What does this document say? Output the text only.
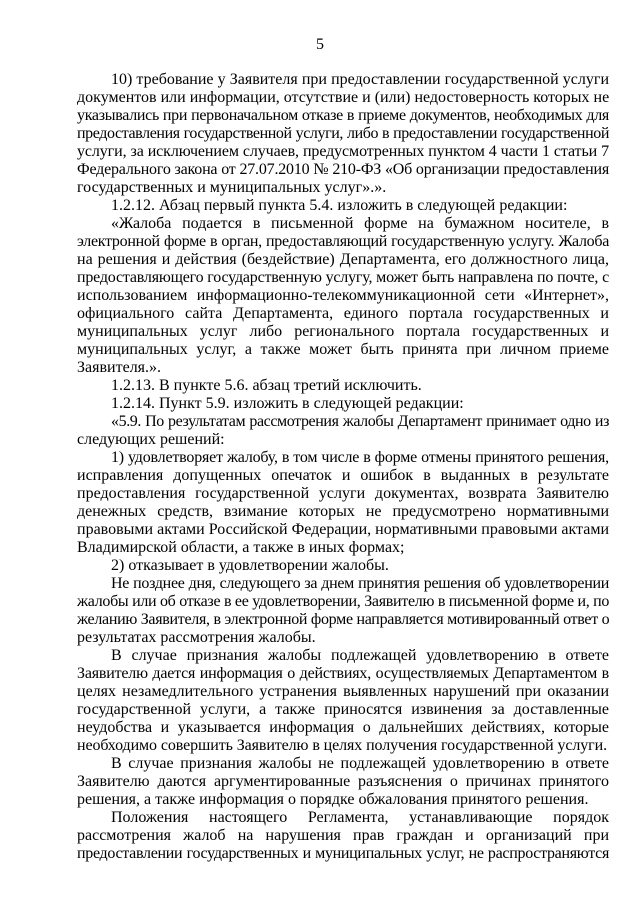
5
10) требование у Заявителя при предоставлении государственной услуги
документов или информации, отсутствие и (или) недостоверность которых не
указывались при первоначальном отказе в приеме документов, необходимых для
предоставления государственной услуги, либо в предоставлении государственной
услуги, за исключением случаев, предусмотренных пунктом 4 части 1 статьи 7
Федерального закона от 27.07.2010 № 210-ФЗ «Об организации предоставления
государственных и муниципальных услуг».».
1.2.12. Абзац первый пункта 5.4. изложить в следующей редакции:
«Жалоба подается в письменной форме на бумажном носителе, в
электронной форме в орган, предоставляющий государственную услугу. Жалоба
на решения и действия (бездействие) Департамента, его должностного лица,
предоставляющего государственную услугу, может быть направлена по почте, с
использованием информационно-телекоммуникационной сети «Интернет»,
официального сайта Департамента, единого портала государственных и
муниципальных услуг либо регионального портала государственных и
муниципальных услуг, а также может быть принята при личном приеме
Заявителя.».
1.2.13. В пункте 5.6. абзац третий исключить.
1.2.14. Пункт 5.9. изложить в следующей редакции:
«5.9. По результатам рассмотрения жалобы Департамент принимает одно из
следующих решений:
1) удовлетворяет жалобу, в том числе в форме отмены принятого решения,
исправления допущенных опечаток и ошибок в выданных в результате
предоставления государственной услуги документах, возврата Заявителю
денежных средств, взимание которых не предусмотрено нормативными
правовыми актами Российской Федерации, нормативными правовыми актами
Владимирской области, а также в иных формах;
2) отказывает в удовлетворении жалобы.
Не позднее дня, следующего за днем принятия решения об удовлетворении
жалобы или об отказе в ее удовлетворении, Заявителю в письменной форме и, по
желанию Заявителя, в электронной форме направляется мотивированный ответ о
результатах рассмотрения жалобы.
В случае признания жалобы подлежащей удовлетворению в ответе
Заявителю дается информация о действиях, осуществляемых Департаментом в
целях незамедлительного устранения выявленных нарушений при оказании
государственной услуги, а также приносятся извинения за доставленные
неудобства и указывается информация о дальнейших действиях, которые
необходимо совершить Заявителю в целях получения государственной услуги.
В случае признания жалобы не подлежащей удовлетворению в ответе
Заявителю даются аргументированные разъяснения о причинах принятого
решения, а также информация о порядке обжалования принятого решения.
Положения настоящего Регламента, устанавливающие порядок
рассмотрения жалоб на нарушения прав граждан и организаций при
предоставлении государственных и муниципальных услуг, не распространяются
